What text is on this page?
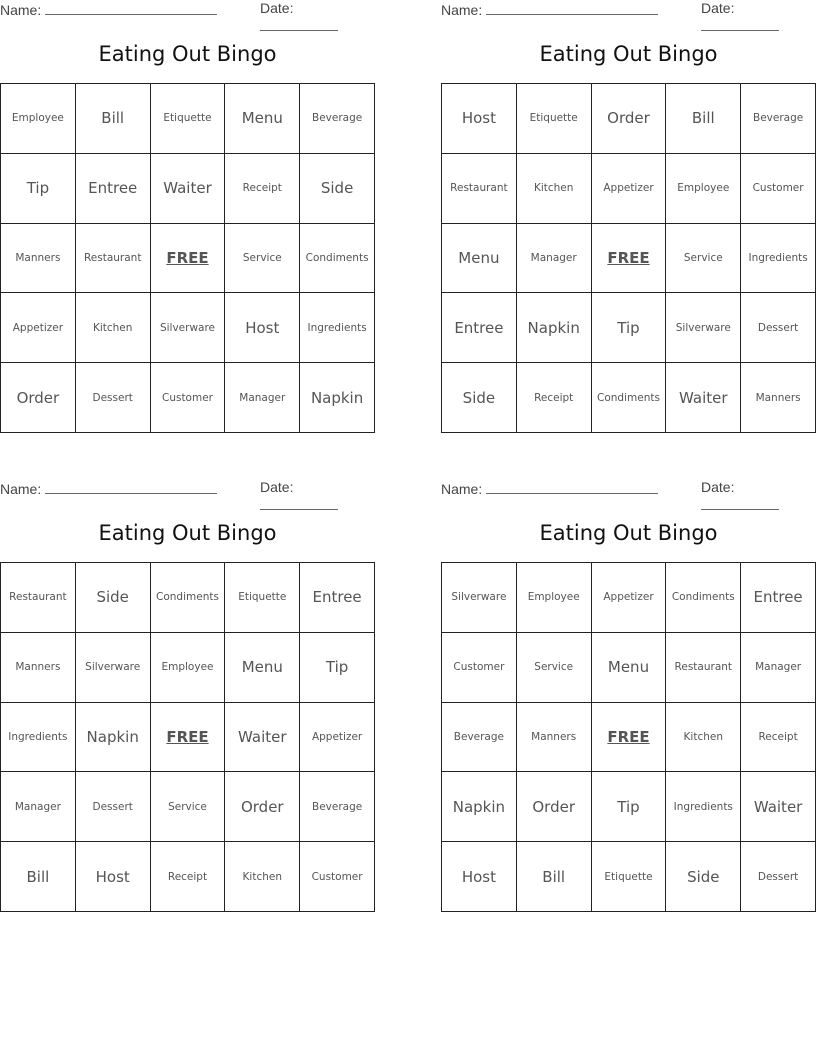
Name:	Date:
Eating Out Bingo
Employee	Bill	Etiquette	Menu	Beverage
Tip	Entree	Waiter	Receipt	Side
Manners	Restaurant	FREE	Service	Condiments
Appetizer	Kitchen	Silverware	Host	Ingredients
Order	Dessert	Customer	Manager	Napkin
Name:	Date:
Eating Out Bingo
Host	Etiquette	Order	Bill	Beverage
Restaurant	Kitchen	Appetizer	Employee	Customer
Menu	Manager	FREE	Service	Ingredients
Entree	Napkin	Tip	Silverware	Dessert
Side	Receipt	Condiments	Waiter	Manners
Name:	Date:
Eating Out Bingo
Restaurant	Side	Condiments	Etiquette	Entree
Manners	Silverware	Employee	Menu	Tip
Ingredients	Napkin	FREE	Waiter	Appetizer
Manager	Dessert	Service	Order	Beverage
Bill	Host	Receipt	Kitchen	Customer
Name:	Date:
Eating Out Bingo
Silverware	Employee	Appetizer	Condiments	Entree
Customer	Service	Menu	Restaurant	Manager
Beverage	Manners	FREE	Kitchen	Receipt
Napkin	Order	Tip	Ingredients	Waiter
Host	Bill	Etiquette	Side	Dessert
